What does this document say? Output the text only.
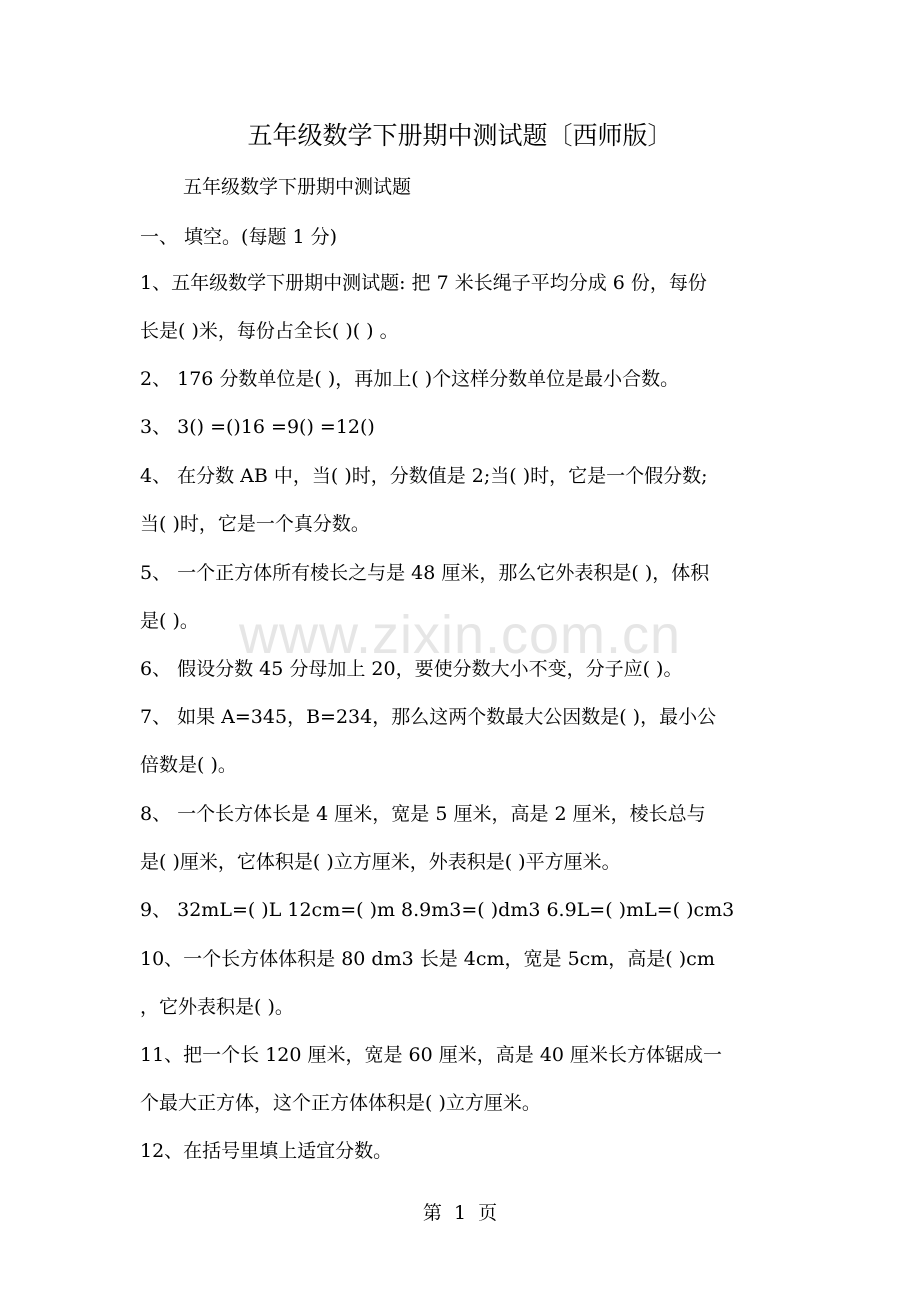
五年级数学下册期中测试题〔西师版〕
五年级数学下册期中测试题
一、 填空。(每题 1 分)
1、五年级数学下册期中测试题: 把 7 米长绳子平均分成 6 份，每份
长是( )米，每份占全长( )( ) 。
2、 176 分数单位是( )，再加上( )个这样分数单位是最小合数。
3、 3() =()16 =9() =12()
4、 在分数 AB 中，当( )时，分数值是 2;当( )时，它是一个假分数;
当( )时，它是一个真分数。
5、 一个正方体所有棱长之与是 48 厘米，那么它外表积是( )，体积
是( )。
6、 假设分数 45 分母加上 20，要使分数大小不变，分子应( )。
7、 如果 A=345，B=234，那么这两个数最大公因数是( )，最小公
倍数是( )。
8、 一个长方体长是 4 厘米，宽是 5 厘米，高是 2 厘米，棱长总与
是( )厘米，它体积是( )立方厘米，外表积是( )平方厘米。
9、 32mL=( )L 12cm=( )m 8.9m3=( )dm3 6.9L=( )mL=( )cm3
10、一个长方体体积是 80 dm3 长是 4cm，宽是 5cm，高是( )cm
，它外表积是( )。
11、把一个长 120 厘米，宽是 60 厘米，高是 40 厘米长方体锯成一
个最大正方体，这个正方体体积是( )立方厘米。
12、在括号里填上适宜分数。
www.zixin.com.cn
第  1  页
